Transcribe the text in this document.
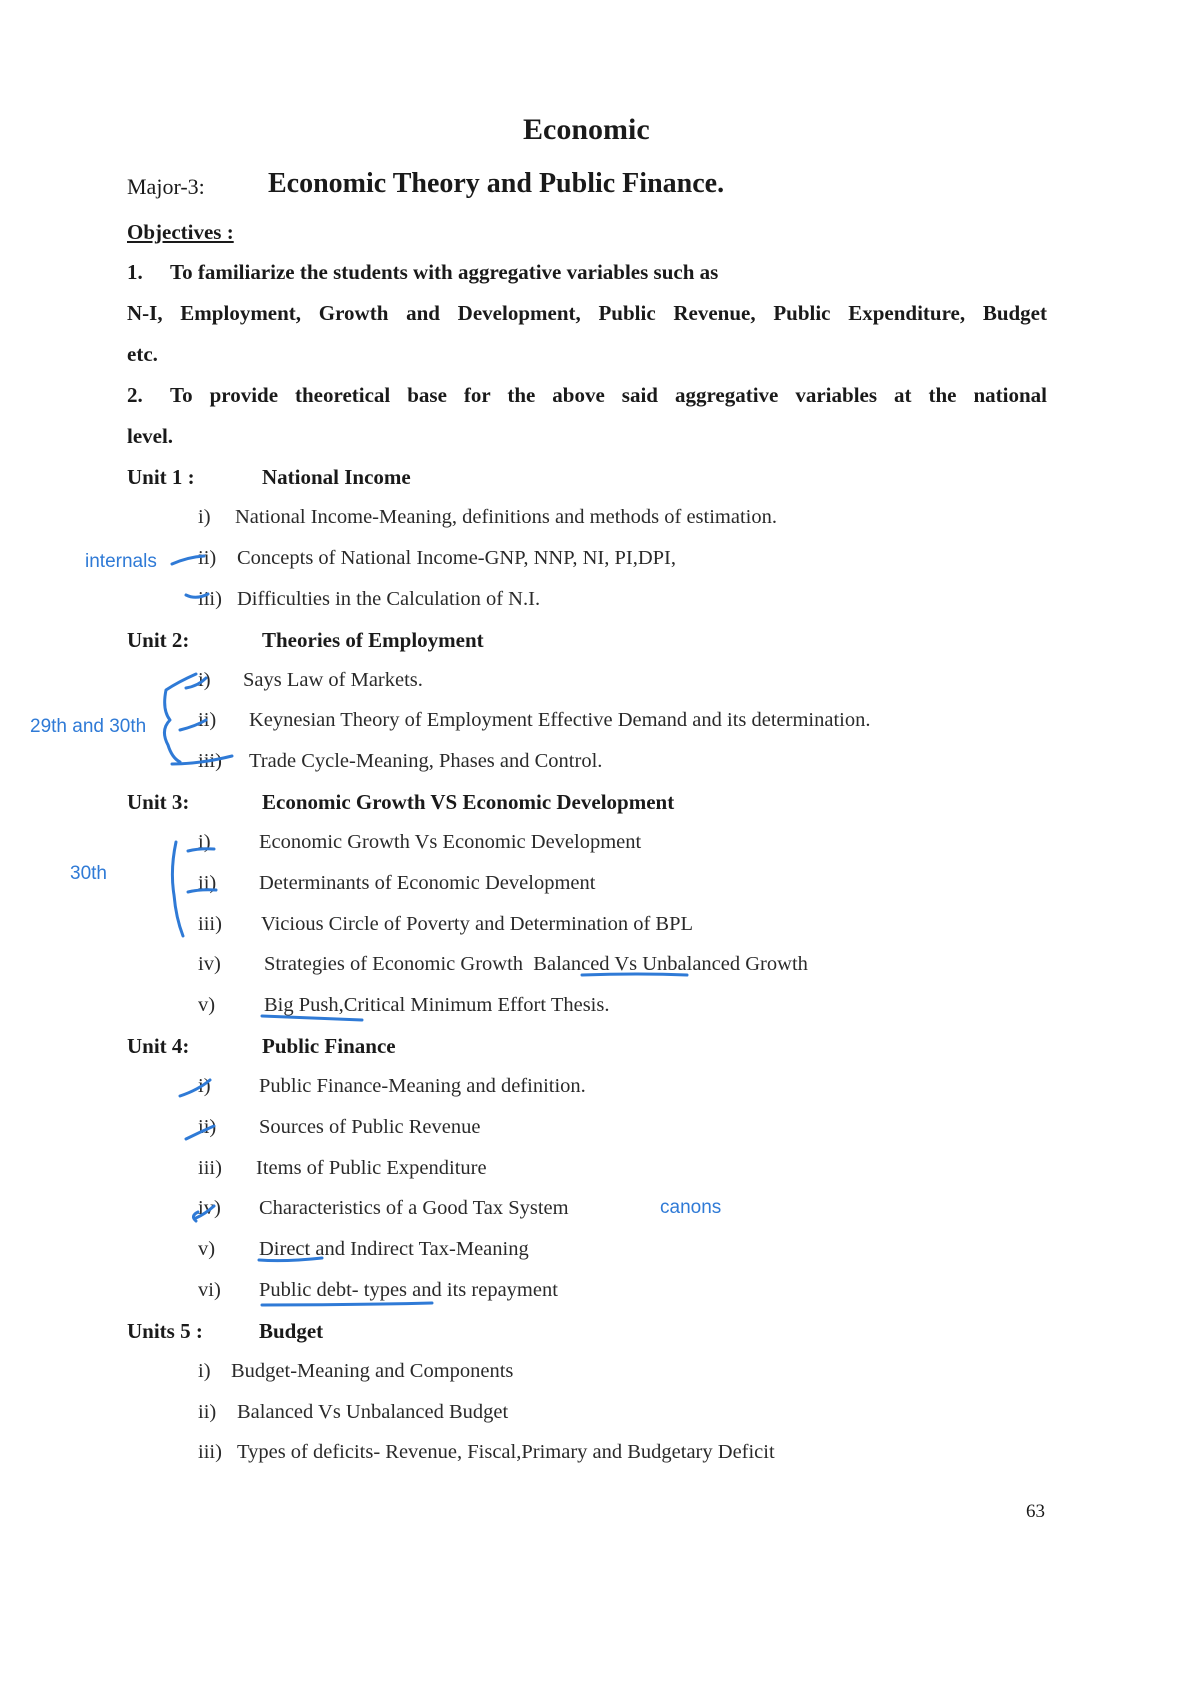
Economic
Major-3: Economic Theory and Public Finance.
Objectives :
1. To familiarize the students with aggregative variables such as
N-I, Employment, Growth and Development, Public Revenue, Public Expenditure, Budget
etc.
2. To provide theoretical base for the above said aggregative variables at the national
level.
Unit 1 :	National Income
i) National Income-Meaning, definitions and methods of estimation.
ii) Concepts of National Income-GNP, NNP, NI, PI,DPI,
iii) Difficulties in the Calculation of N.I.
Unit 2:	Theories of Employment
i) Says Law of Markets.
ii) Keynesian Theory of Employment Effective Demand and its determination.
iii) Trade Cycle-Meaning, Phases and Control.
Unit 3:	Economic Growth VS Economic Development
i) Economic Growth Vs Economic Development
ii) Determinants of Economic Development
iii) Vicious Circle of Poverty and Determination of BPL
iv) Strategies of Economic Growth  Balanced Vs Unbalanced Growth
v) Big Push,Critical Minimum Effort Thesis.
Unit 4:	Public Finance
i) Public Finance-Meaning and definition.
ii) Sources of Public Revenue
iii) Items of Public Expenditure
iv) Characteristics of a Good Tax System
v) Direct and Indirect Tax-Meaning
vi) Public debt- types and its repayment
Units 5 :	Budget
i) Budget-Meaning and Components
ii) Balanced Vs Unbalanced Budget
iii) Types of deficits- Revenue, Fiscal,Primary and Budgetary Deficit
63
internals
29th and 30th
30th
canons
